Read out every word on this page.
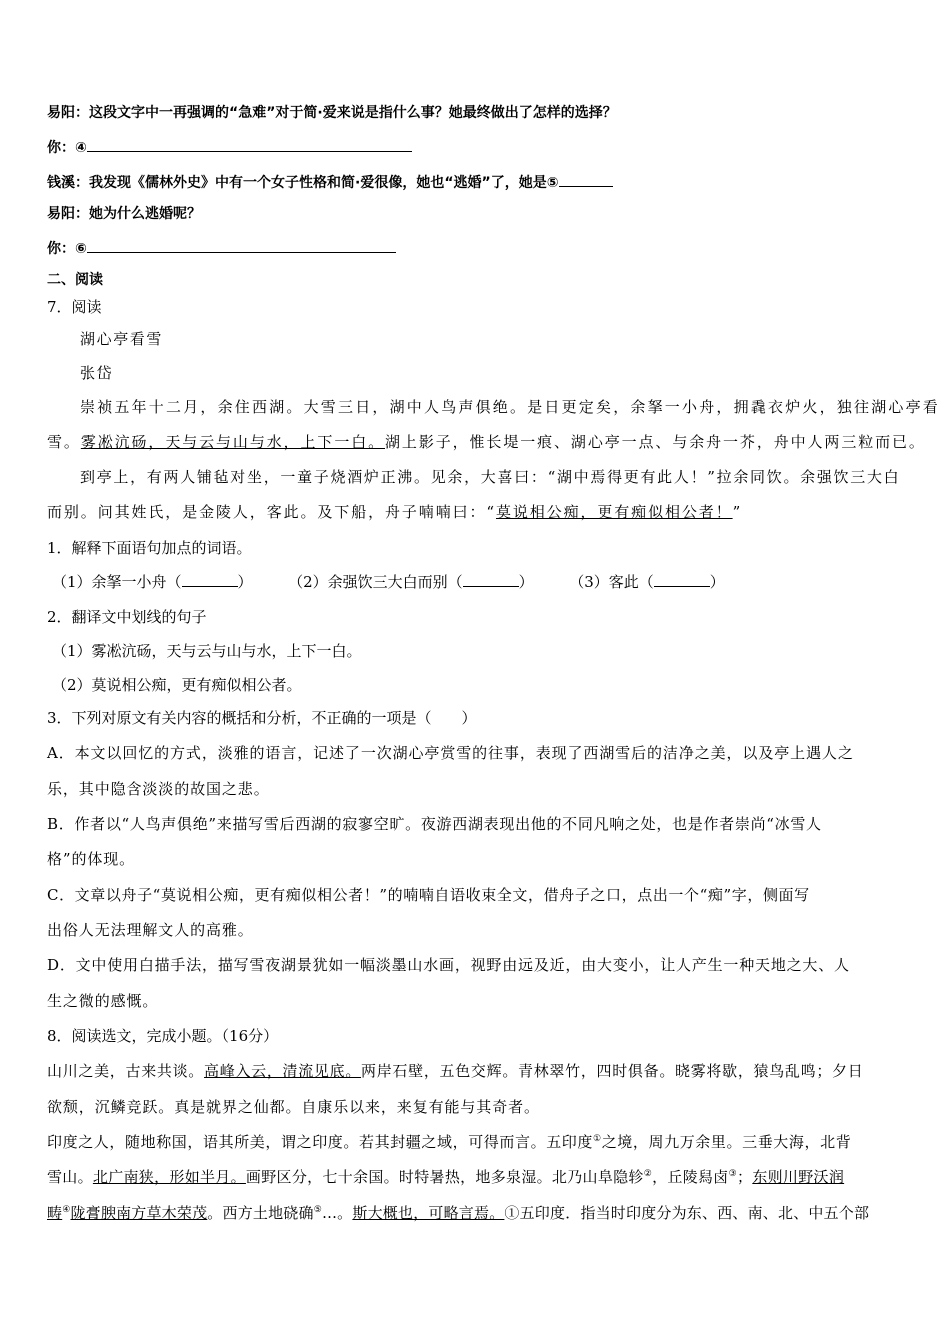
易阳：这段文字中一再强调的“急难”对于简·爱来说是指什么事？她最终做出了怎样的选择？
你：④
钱溪：我发现《儒林外史》中有一个女子性格和简·爱很像，她也“逃婚”了，她是⑤
易阳：她为什么逃婚呢？
你：⑥
二、阅读
7．阅读
湖心亭看雪
张岱
崇祯五年十二月，余住西湖。大雪三日，湖中人鸟声俱绝。是日更定矣，余拏一小舟，拥毳衣炉火，独往湖心亭看
雪。雾凇沆砀，天与云与山与水，上下一白。湖上影子，惟长堤一痕、湖心亭一点、与余舟一芥，舟中人两三粒而已。
到亭上，有两人铺毡对坐，一童子烧酒炉正沸。见余，大喜曰：“湖中焉得更有此人！”拉余同饮。余强饮三大白
而别。问其姓氏，是金陵人，客此。及下船，舟子喃喃曰：“莫说相公痴，更有痴似相公者！”
1．解释下面语句加点的词语。
（1）余拏一小舟（	） （2）余强饮三大白而别（	） （3）客此（	）
2．翻译文中划线的句子
（1）雾凇沆砀，天与云与山与水，上下一白。
（2）莫说相公痴，更有痴似相公者。
3．下列对原文有关内容的概括和分析，不正确的一项是（　　）
A．本文以回忆的方式，淡雅的语言，记述了一次湖心亭赏雪的往事，表现了西湖雪后的洁净之美，以及亭上遇人之
乐，其中隐含淡淡的故国之悲。
B．作者以“人鸟声俱绝”来描写雪后西湖的寂寥空旷。夜游西湖表现出他的不同凡响之处，也是作者崇尚“冰雪人
格”的体现。
C．文章以舟子“莫说相公痴，更有痴似相公者！”的喃喃自语收束全文，借舟子之口，点出一个“痴”字，侧面写
出俗人无法理解文人的高雅。
D．文中使用白描手法，描写雪夜湖景犹如一幅淡墨山水画，视野由远及近，由大变小，让人产生一种天地之大、人
生之微的感慨。
8．阅读选文，完成小题。（16分）
山川之美，古来共谈。高峰入云，清流见底。两岸石壁，五色交辉。青林翠竹，四时俱备。晓雾将歇，猿鸟乱鸣；夕日
欲颓，沉鳞竞跃。真是就界之仙都。自康乐以来，来复有能与其奇者。
印度之人，随地称国，语其所美，谓之印度。若其封疆之域，可得而言。五印度①之境，周九万余里。三垂大海，北背
雪山。北广南狭，形如半月。画野区分，七十余国。时特暑热，地多泉湿。北乃山阜隐轸②，丘陵舄卤③；东则川野沃润
畴④陇膏腴南方草木荣茂。西方土地硗确⑤…。斯大概也，可略言焉。①五印度．指当时印度分为东、西、南、北、中五个部
